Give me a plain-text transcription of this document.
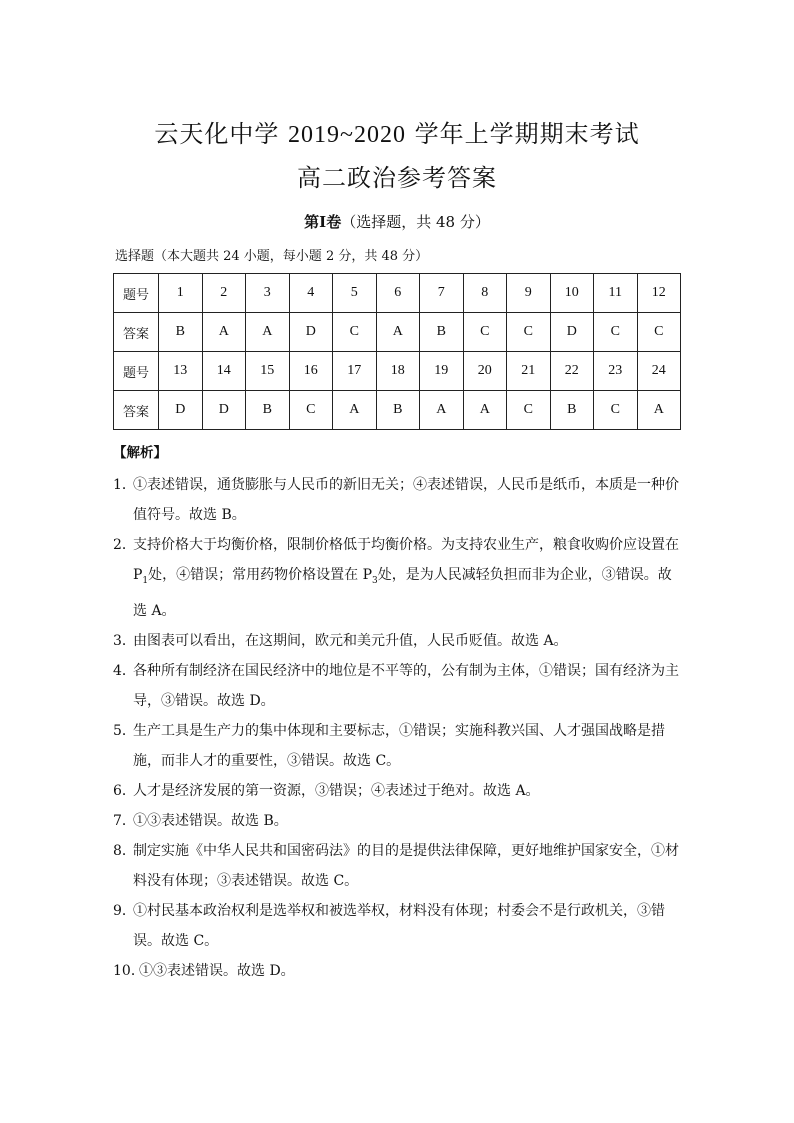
云天化中学 2019~2020 学年上学期期末考试
高二政治参考答案
第Ⅰ卷（选择题，共 48 分）
选择题（本大题共 24 小题，每小题 2 分，共 48 分）
题号	1	2	3	4	5	6	7	8	9	10	11	12
答案	B	A	A	D	C	A	B	C	C	D	C	C
题号	13	14	15	16	17	18	19	20	21	22	23	24
答案	D	D	B	C	A	B	A	A	C	B	C	A
【解析】
1．
①表述错误，通货膨胀与人民币的新旧无关；④表述错误，人民币是纸币，本质是一种价值符号。故选 B。
2．
支持价格大于均衡价格，限制价格低于均衡价格。为支持农业生产，粮食收购价应设置在 $P_1$处，④错误；常用药物价格设置在 $P_3$处，是为人民减轻负担而非为企业，③错误。故选 A。
3．
由图表可以看出，在这期间，欧元和美元升值，人民币贬值。故选 A。
4．
各种所有制经济在国民经济中的地位是不平等的，公有制为主体，①错误；国有经济为主导，③错误。故选 D。
5．
生产工具是生产力的集中体现和主要标志，①错误；实施科教兴国、人才强国战略是措施，而非人才的重要性，③错误。故选 C。
6．
人才是经济发展的第一资源，③错误；④表述过于绝对。故选 A。
7．
①③表述错误。故选 B。
8．
制定实施《中华人民共和国密码法》的目的是提供法律保障，更好地维护国家安全，①材料没有体现；③表述错误。故选 C。
9．
①村民基本政治权利是选举权和被选举权，材料没有体现；村委会不是行政机关，③错误。故选 C。
10．
①③表述错误。故选 D。
